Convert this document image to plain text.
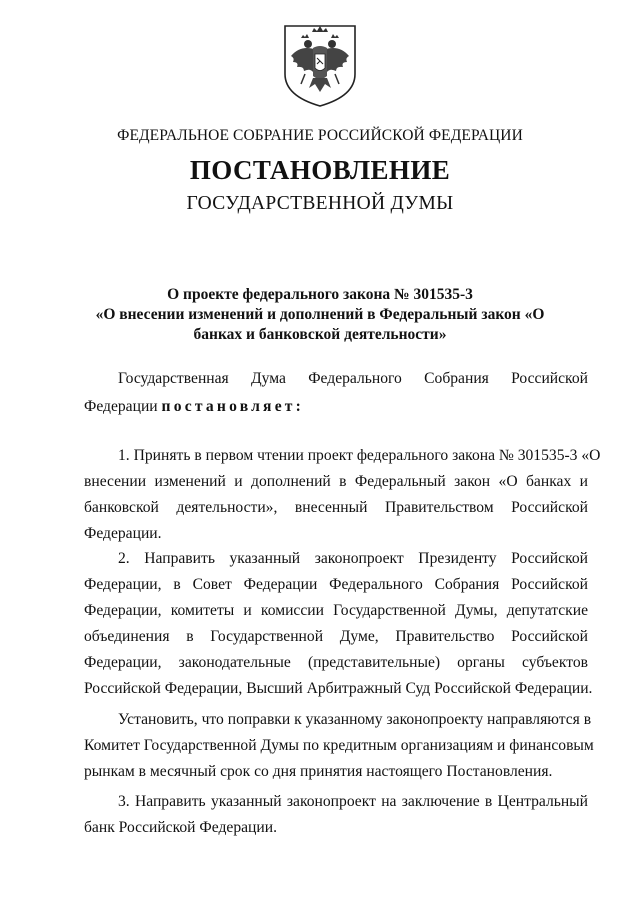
ФЕДЕРАЛЬНОЕ СОБРАНИЕ РОССИЙСКОЙ ФЕДЕРАЦИИ
ПОСТАНОВЛЕНИЕ
ГОСУДАРСТВЕННОЙ ДУМЫ
О проекте федерального закона № 301535-3
«О внесении изменений и дополнений в Федеральный закон «О
банках и банковской деятельности»
Государственная Дума Федерального Собрания Российской
Федерации постановляет:
1. Принять в первом чтении проект федерального закона № 301535-3 «О
внесении изменений и дополнений в Федеральный закон «О банках и
банковской деятельности», внесенный Правительством Российской
Федерации.
2. Направить указанный законопроект Президенту Российской
Федерации, в Совет Федерации Федерального Собрания Российской
Федерации, комитеты и комиссии Государственной Думы, депутатские
объединения в Государственной Думе, Правительство Российской
Федерации, законодательные (представительные) органы субъектов
Российской Федерации, Высший Арбитражный Суд Российской Федерации.
Установить, что поправки к указанному законопроекту направляются в
Комитет Государственной Думы по кредитным организациям и финансовым
рынкам в месячный срок со дня принятия настоящего Постановления.
3. Направить указанный законопроект на заключение в Центральный
банк Российской Федерации.
